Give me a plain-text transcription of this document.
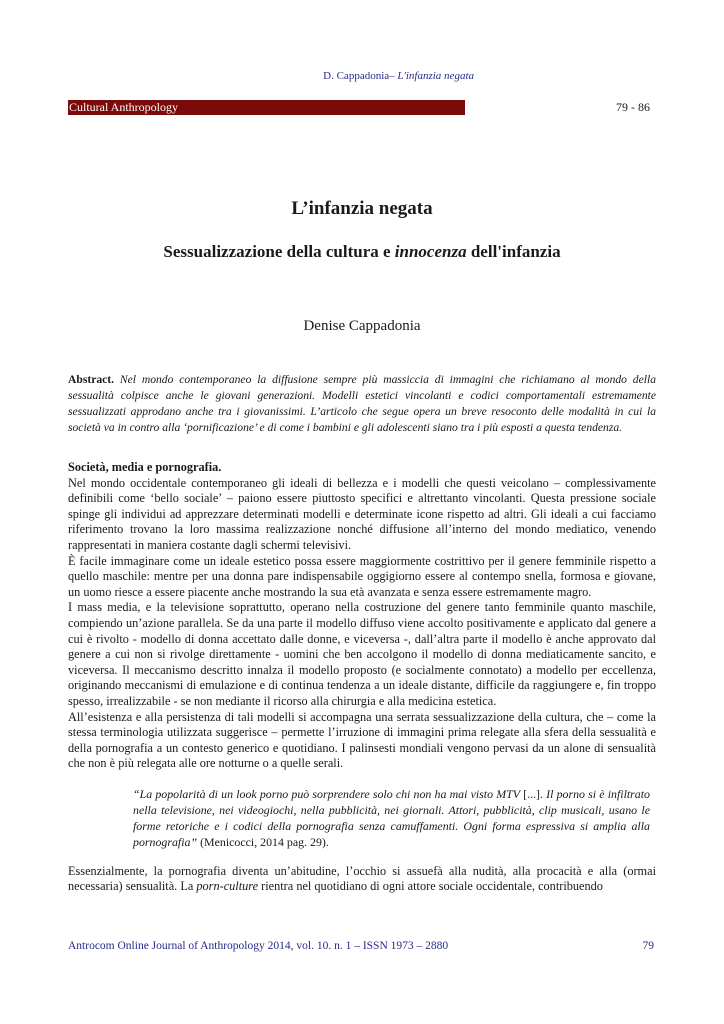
D. Cappadonia– L'infanzia negata
Cultural Anthropology	79 - 86
L’infanzia negata
Sessualizzazione della cultura e innocenza dell'infanzia
Denise Cappadonia
Abstract. Nel mondo contemporaneo la diffusione sempre più massiccia di immagini che richiamano al mondo della sessualità colpisce anche le giovani generazioni. Modelli estetici vincolanti e codici comportamentali estremamente sessualizzati approdano anche tra i giovanissimi. L’articolo che segue opera un breve resoconto delle modalità in cui la società va in contro alla ‘pornificazione’ e di come i bambini e gli adolescenti siano tra i più esposti a questa tendenza.

Società, media e pornografia.

Nel mondo occidentale contemporaneo gli ideali di bellezza e i modelli che questi veicolano – complessivamente definibili come ‘bello sociale’ – paiono essere piuttosto specifici e altrettanto vincolanti. Questa pressione sociale spinge gli individui ad apprezzare determinati modelli e determinate icone rispetto ad altri. Gli ideali a cui facciamo riferimento trovano la loro massima realizzazione nonché diffusione all’interno del mondo mediatico, venendo rappresentati in maniera costante dagli schermi televisivi.

È facile immaginare come un ideale estetico possa essere maggiormente costrittivo per il genere femminile rispetto a quello maschile: mentre per una donna pare indispensabile oggigiorno essere al contempo snella, formosa e giovane, un uomo riesce a essere piacente anche mostrando la sua età avanzata e senza essere estremamente magro.

I mass media, e la televisione soprattutto, operano nella costruzione del genere tanto femminile quanto maschile, compiendo un’azione parallela. Se da una parte il modello diffuso viene accolto positivamente e applicato dal genere a cui è rivolto - modello di donna accettato dalle donne, e viceversa -, dall’altra parte il modello è anche approvato dal genere a cui non si rivolge direttamente - uomini che ben accolgono il modello di donna mediaticamente sancito, e viceversa. Il meccanismo descritto innalza il modello proposto (e socialmente connotato) a modello per eccellenza, originando meccanismi di emulazione e di continua tendenza a un ideale distante, difficile da raggiungere e, fin troppo spesso, irrealizzabile - se non mediante il ricorso alla chirurgia e alla medicina estetica.

All’esistenza e alla persistenza di tali modelli si accompagna una serrata sessualizzazione della cultura, che – come la stessa terminologia utilizzata suggerisce – permette l’irruzione di immagini prima relegate alla sfera della sessualità e della pornografia a un contesto generico e quotidiano. I palinsesti mondiali vengono pervasi da un alone di sensualità che non è più relegata alle ore notturne o a quelle serali.

“La popolarità di un look porno può sorprendere solo chi non ha mai visto MTV [...]. Il porno si è infiltrato nella televisione, nei videogiochi, nella pubblicità, nei giornali. Attori, pubblicità, clip musicali, usano le forme retoriche e i codici della pornografia senza camuffamenti. Ogni forma espressiva si amplia alla pornografia” (Menicocci, 2014 pag. 29).

Essenzialmente, la pornografia diventa un’abitudine, l’occhio si assuefà alla nudità, alla procacità e alla (ormai necessaria) sensualità. La porn-culture rientra nel quotidiano di ogni attore sociale occidentale, contribuendo

Antrocom Online Journal of Anthropology 2014, vol. 10. n. 1 – ISSN 1973 – 2880	79
